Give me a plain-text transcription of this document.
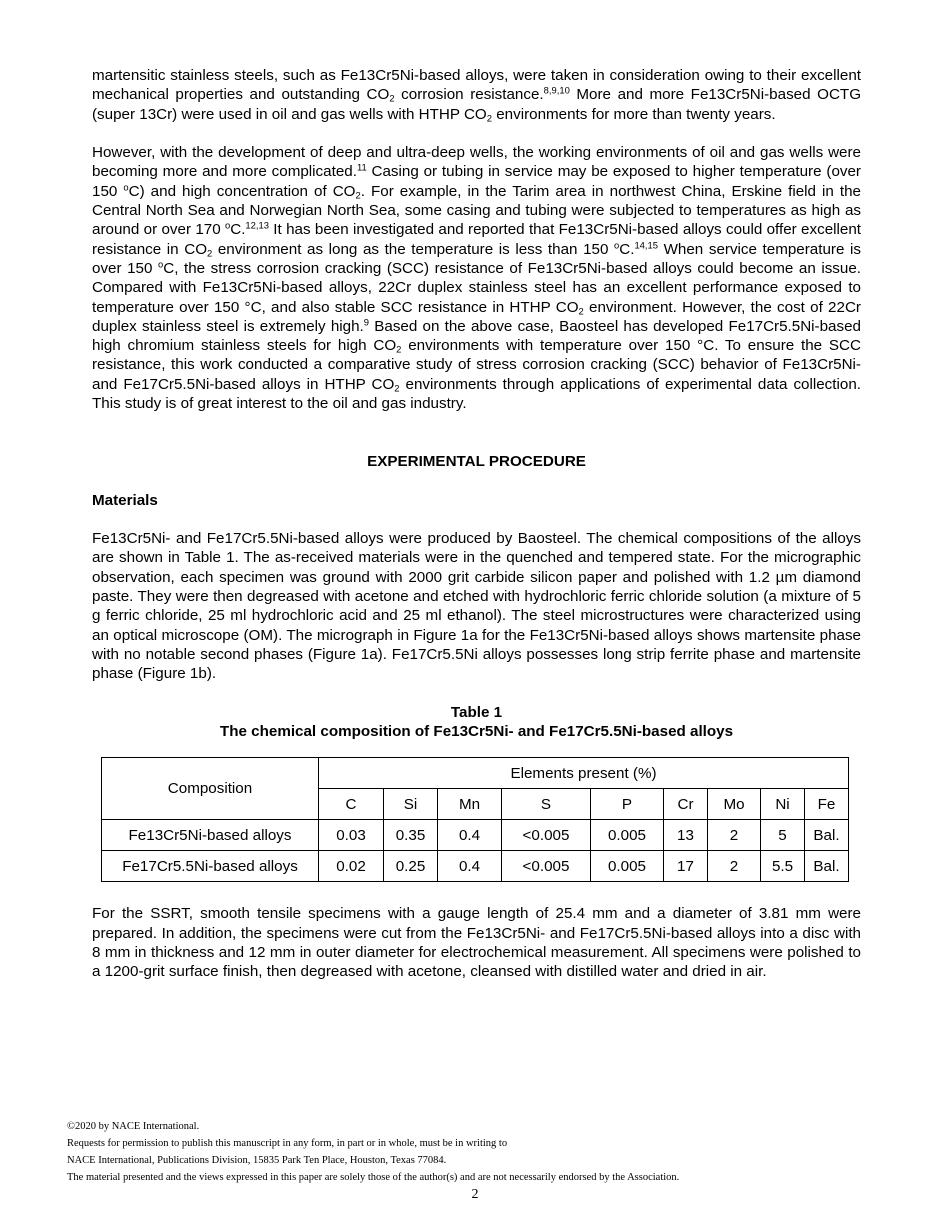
martensitic stainless steels, such as Fe13Cr5Ni-based alloys, were taken in consideration owing to their excellent mechanical properties and outstanding $CO_2$ corrosion resistance.$^{8,9,10}$ More and more Fe13Cr5Ni-based OCTG (super 13Cr) were used in oil and gas wells with HTHP $CO_2$ environments for more than twenty years.

However, with the development of deep and ultra-deep wells, the working environments of oil and gas wells were becoming more and more complicated.$^{11}$ Casing or tubing in service may be exposed to higher temperature (over 150 $^o$C) and high concentration of $CO_2$. For example, in the Tarim area in northwest China, Erskine field in the Central North Sea and Norwegian North Sea, some casing and tubing were subjected to temperatures as high as around or over 170 $^o$C.$^{12,13}$ It has been investigated and reported that Fe13Cr5Ni-based alloys could offer excellent resistance in $CO_2$ environment as long as the temperature is less than 150 $^o$C.$^{14,15}$ When service temperature is over 150 $^o$C, the stress corrosion cracking (SCC) resistance of Fe13Cr5Ni-based alloys could become an issue. Compared with Fe13Cr5Ni-based alloys, 22Cr duplex stainless steel has an excellent performance exposed to temperature over 150 °C, and also stable SCC resistance in HTHP $CO_2$ environment. However, the cost of 22Cr duplex stainless steel is extremely high.$^9$ Based on the above case, Baosteel has developed Fe17Cr5.5Ni-based high chromium stainless steels for high $CO_2$ environments with temperature over 150 °C. To ensure the SCC resistance, this work conducted a comparative study of stress corrosion cracking (SCC) behavior of Fe13Cr5Ni- and Fe17Cr5.5Ni-based alloys in HTHP $CO_2$ environments through applications of experimental data collection. This study is of great interest to the oil and gas industry.

EXPERIMENTAL PROCEDURE
Materials

Fe13Cr5Ni- and Fe17Cr5.5Ni-based alloys were produced by Baosteel. The chemical compositions of the alloys are shown in Table 1. The as-received materials were in the quenched and tempered state. For the micrographic observation, each specimen was ground with 2000 grit carbide silicon paper and polished with 1.2 µm diamond paste. They were then degreased with acetone and etched with hydrochloric ferric chloride solution (a mixture of 5 g ferric chloride, 25 ml hydrochloric acid and 25 ml ethanol). The steel microstructures were characterized using an optical microscope (OM). The micrograph in Figure 1a for the Fe13Cr5Ni-based alloys shows martensite phase with no notable second phases (Figure 1a). Fe17Cr5.5Ni alloys possesses long strip ferrite phase and martensite phase (Figure 1b).

Table 1
The chemical composition of Fe13Cr5Ni- and Fe17Cr5.5Ni-based alloys
Composition	Elements present (%)								
	C	Si	Mn	S	P	Cr	Mo	Ni	Fe
Fe13Cr5Ni-based alloys	0.03	0.35	0.4	<0.005	0.005	13	2	5	Bal.
Fe17Cr5.5Ni-based alloys	0.02	0.25	0.4	<0.005	0.005	17	2	5.5	Bal.

For the SSRT, smooth tensile specimens with a gauge length of 25.4 mm and a diameter of 3.81 mm were prepared. In addition, the specimens were cut from the Fe13Cr5Ni- and Fe17Cr5.5Ni-based alloys into a disc with 8 mm in thickness and 12 mm in outer diameter for electrochemical measurement. All specimens were polished to a 1200-grit surface finish, then degreased with acetone, cleansed with distilled water and dried in air.

©2020 by NACE International.

Requests for permission to publish this manuscript in any form, in part or in whole, must be in writing to

NACE International, Publications Division, 15835 Park Ten Place, Houston, Texas 77084.

The material presented and the views expressed in this paper are solely those of the author(s) and are not necessarily endorsed by the Association.

2
